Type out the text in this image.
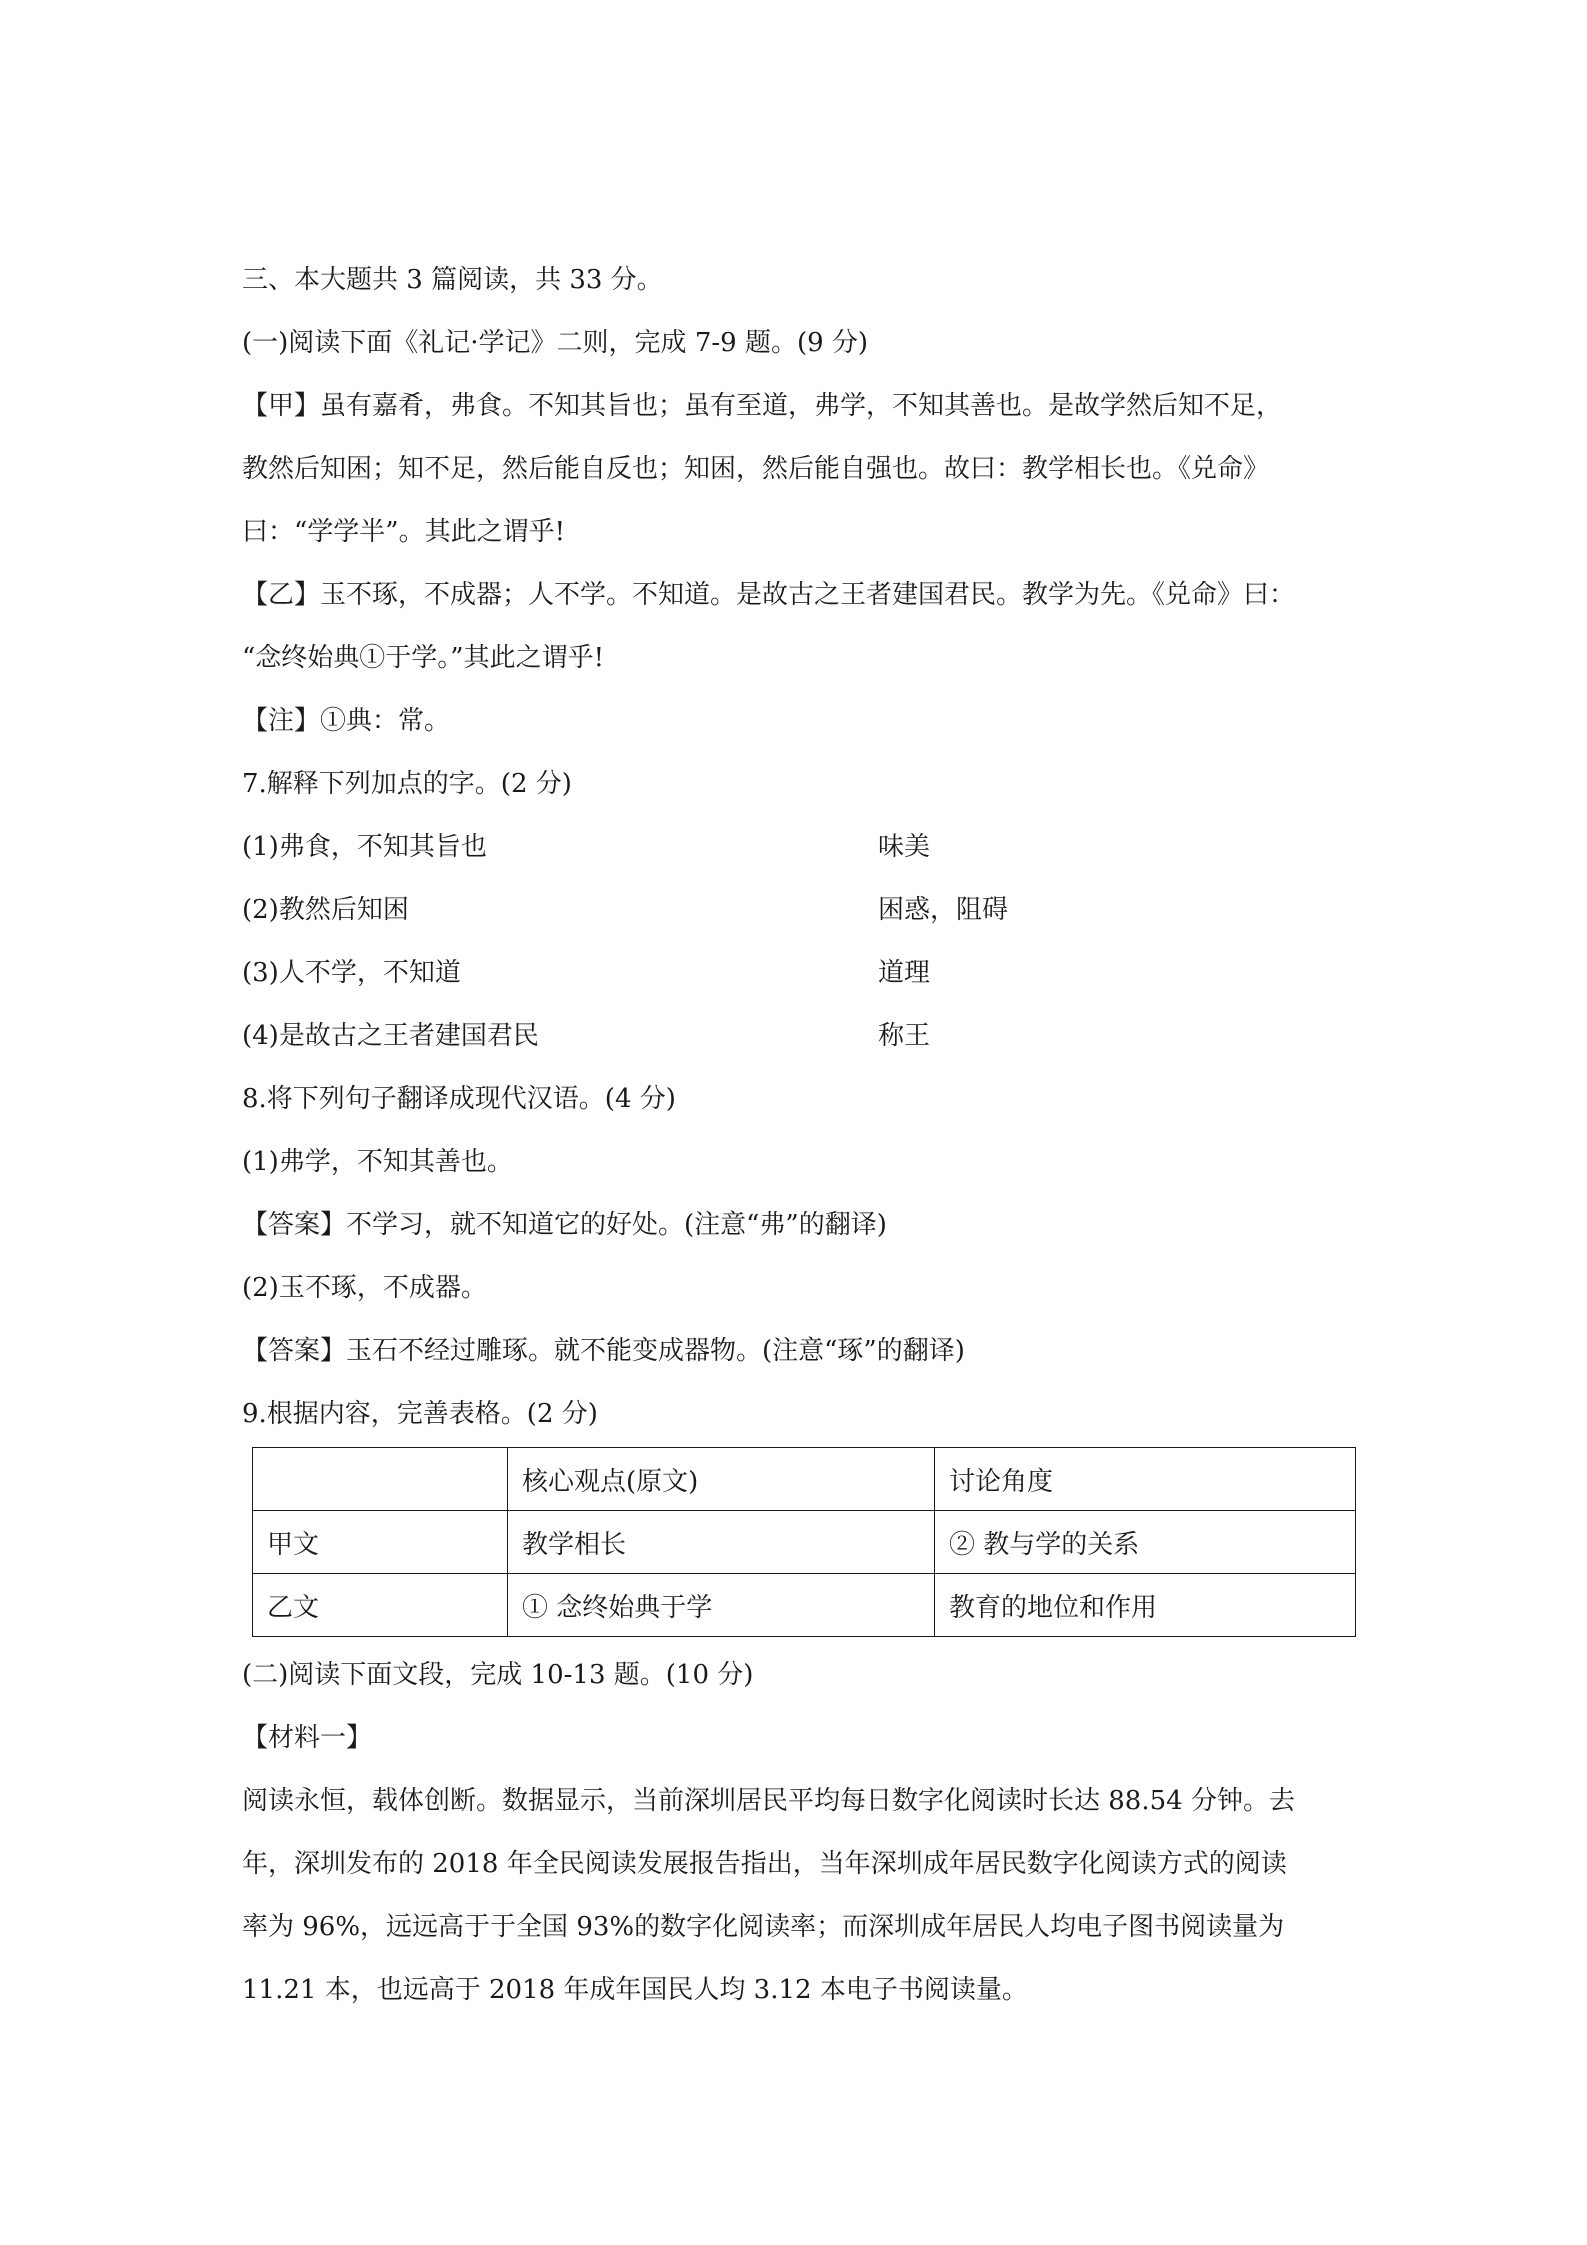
三、本大题共 3 篇阅读，共 33 分。
(一)阅读下面《礼记·学记》二则，完成 7-9 题。(9 分)
【甲】虽有嘉肴，弗食。不知其旨也；虽有至道，弗学，不知其善也。是故学然后知不足，
教然后知困；知不足，然后能自反也；知困，然后能自强也。故曰：教学相长也。《兑命》
曰：“学学半”。其此之谓乎!
【乙】玉不琢，不成器；人不学。不知道。是故古之王者建国君民。教学为先。《兑命》曰：
“念终始典①于学。”其此之谓乎!
【注】①典：常。
7.解释下列加点的字。(2 分)
(1)弗食，不知其旨也	味美
(2)教然后知困	困惑，阻碍
(3)人不学，不知道	道理
(4)是故古之王者建国君民	称王
8.将下列句子翻译成现代汉语。(4 分)
(1)弗学，不知其善也。
【答案】不学习，就不知道它的好处。(注意“弗”的翻译)
(2)玉不琢，不成器。
【答案】玉石不经过雕琢。就不能变成器物。(注意“琢”的翻译)
9.根据内容，完善表格。(2 分)
	核心观点(原文)	讨论角度
甲文	教学相长	② 教与学的关系
乙文	① 念终始典于学	教育的地位和作用
(二)阅读下面文段，完成 10-13 题。(10 分)
【材料一】
阅读永恒，载体创断。数据显示，当前深圳居民平均每日数字化阅读时长达 88.54 分钟。去
年，深圳发布的 2018 年全民阅读发展报告指出，当年深圳成年居民数字化阅读方式的阅读
率为 96%，远远高于于全国 93%的数字化阅读率；而深圳成年居民人均电子图书阅读量为
11.21 本，也远高于 2018 年成年国民人均 3.12 本电子书阅读量。
